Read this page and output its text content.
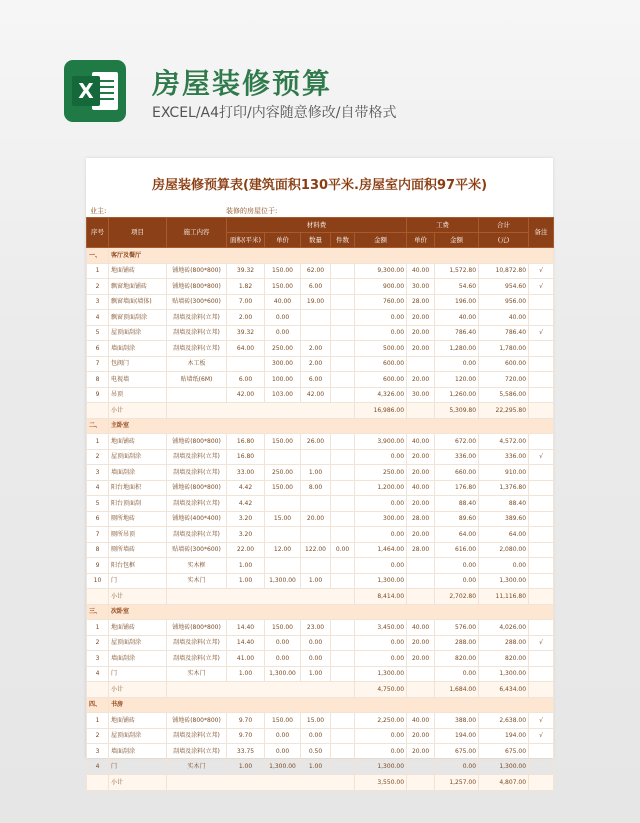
X 房屋装修预算
EXCEL/A4打印/内容随意修改/自带格式
房屋装修预算表(建筑面积130平米.房屋室内面积97平米)
业主:	装修的房屋位于:
序号	项目	施工内容	材料费					工费		合计	备注
			面积(平米)	单价	数量	件数	金额	单价	金额	(元)	
一、	客厅及餐厅										
1	地面铺砖	铺地砖(800*800)	39.32	150.00	62.00		9,300.00	40.00	1,572.80	10,872.80	√
2	飘窗地面铺砖	铺地砖(800*800)	1.82	150.00	6.00		900.00	30.00	54.60	954.60	√
3	飘窗墙面(墙体)	贴墙砖(300*600)	7.00	40.00	19.00		760.00	28.00	196.00	956.00	
4	飘窗顶面刮涂	刮墙及涂料(立邦)	2.00	0.00			0.00	20.00	40.00	40.00	
5	屋顶面刮涂	刮墙及涂料(立邦)	39.32	0.00			0.00	20.00	786.40	786.40	√
6	墙面刮涂	刮墙及涂料(立邦)	64.00	250.00	2.00		500.00	20.00	1,280.00	1,780.00	
7	包阀门	木工板		300.00	2.00		600.00		0.00	600.00	
8	电视墙	贴墙纸(6M)	6.00	100.00	6.00		600.00	20.00	120.00	720.00	
9	吊顶		42.00	103.00	42.00		4,326.00	30.00	1,260.00	5,586.00	
	小计						16,986.00		5,309.80	22,295.80	
二、	主卧室										
1	地面铺砖	铺地砖(800*800)	16.80	150.00	26.00		3,900.00	40.00	672.00	4,572.00	
2	屋顶面刮涂	刮墙及涂料(立邦)	16.80				0.00	20.00	336.00	336.00	√
3	墙面刮涂	刮墙及涂料(立邦)	33.00	250.00	1.00		250.00	20.00	660.00	910.00	
4	阳台地面积	铺地砖(800*800)	4.42	150.00	8.00		1,200.00	40.00	176.80	1,376.80	
5	阳台顶面刮	刮墙及涂料(立邦)	4.42				0.00	20.00	88.40	88.40	
6	厕所地砖	铺地砖(400*400)	3.20	15.00	20.00		300.00	28.00	89.60	389.60	
7	厕所吊顶	刮墙及涂料(立邦)	3.20				0.00	20.00	64.00	64.00	
8	厕所墙砖	贴墙砖(300*600)	22.00	12.00	122.00	0.00	1,464.00	28.00	616.00	2,080.00	
9	阳台包框	实木框	1.00				0.00		0.00	0.00	
10	门	实木门	1.00	1,300.00	1.00		1,300.00		0.00	1,300.00	
	小计						8,414.00		2,702.80	11,116.80	
三、	次卧室										
1	地面铺砖	铺地砖(800*800)	14.40	150.00	23.00		3,450.00	40.00	576.00	4,026.00	
2	屋顶面刮涂	刮墙及涂料(立邦)	14.40	0.00	0.00		0.00	20.00	288.00	288.00	√
3	墙面刮涂	刮墙及涂料(立邦)	41.00	0.00	0.00		0.00	20.00	820.00	820.00	
4	门	实木门	1.00	1,300.00	1.00		1,300.00		0.00	1,300.00	
	小计						4,750.00		1,684.00	6,434.00	
四、	书房										
1	地面铺砖	铺地砖(800*800)	9.70	150.00	15.00		2,250.00	40.00	388.00	2,638.00	√
2	屋顶面刮涂	刮墙及涂料(立邦)	9.70	0.00	0.00		0.00	20.00	194.00	194.00	√
3	墙面刮涂	刮墙及涂料(立邦)	33.75	0.00	0.50		0.00	20.00	675.00	675.00	
4	门	实木门	1.00	1,300.00	1.00		1,300.00		0.00	1,300.00	
	小计						3,550.00		1,257.00	4,807.00	
